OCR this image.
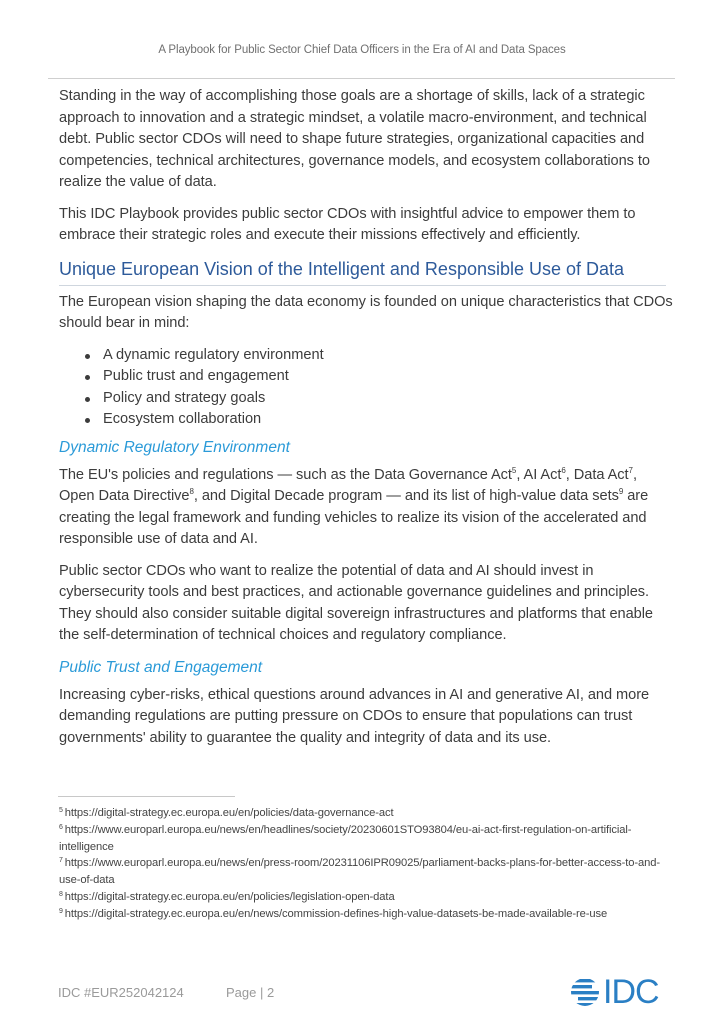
A Playbook for Public Sector Chief Data Officers in the Era of AI and Data Spaces

Standing in the way of accomplishing those goals are a shortage of skills, lack of a strategic approach to innovation and a strategic mindset, a volatile macro-environment, and technical debt. Public sector CDOs will need to shape future strategies, organizational capacities and competencies, technical architectures, governance models, and ecosystem collaborations to realize the value of data.

This IDC Playbook provides public sector CDOs with insightful advice to empower them to embrace their strategic roles and execute their missions effectively and efficiently.

Unique European Vision of the Intelligent and Responsible Use of Data

The European vision shaping the data economy is founded on unique characteristics that CDOs should bear in mind:

A dynamic regulatory environment
Public trust and engagement
Policy and strategy goals
Ecosystem collaboration
Dynamic Regulatory Environment

The EU's policies and regulations — such as the Data Governance Act$^5$, AI Act$^6$, Data Act$^7$, Open Data Directive$^8$, and Digital Decade program — and its list of high-value data sets$^9$ are creating the legal framework and funding vehicles to realize its vision of the accelerated and responsible use of data and AI.

Public sector CDOs who want to realize the potential of data and AI should invest in cybersecurity tools and best practices, and actionable governance guidelines and principles. They should also consider suitable digital sovereign infrastructures and platforms that enable the self-determination of technical choices and regulatory compliance.

Public Trust and Engagement

Increasing cyber-risks, ethical questions around advances in AI and generative AI, and more demanding regulations are putting pressure on CDOs to ensure that populations can trust governments' ability to guarantee the quality and integrity of data and its use.

$^5$ https://digital-strategy.ec.europa.eu/en/policies/data-governance-act
$^6$ https://www.europarl.europa.eu/news/en/headlines/society/20230601STO93804/eu-ai-act-first-regulation-on-artificial-intelligence
$^7$ https://www.europarl.europa.eu/news/en/press-room/20231106IPR09025/parliament-backs-plans-for-better-access-to-and-use-of-data
$^8$ https://digital-strategy.ec.europa.eu/en/policies/legislation-open-data
$^9$ https://digital-strategy.ec.europa.eu/en/news/commission-defines-high-value-datasets-be-made-available-re-use
IDC #EUR252042124	Page | 2	IDC
